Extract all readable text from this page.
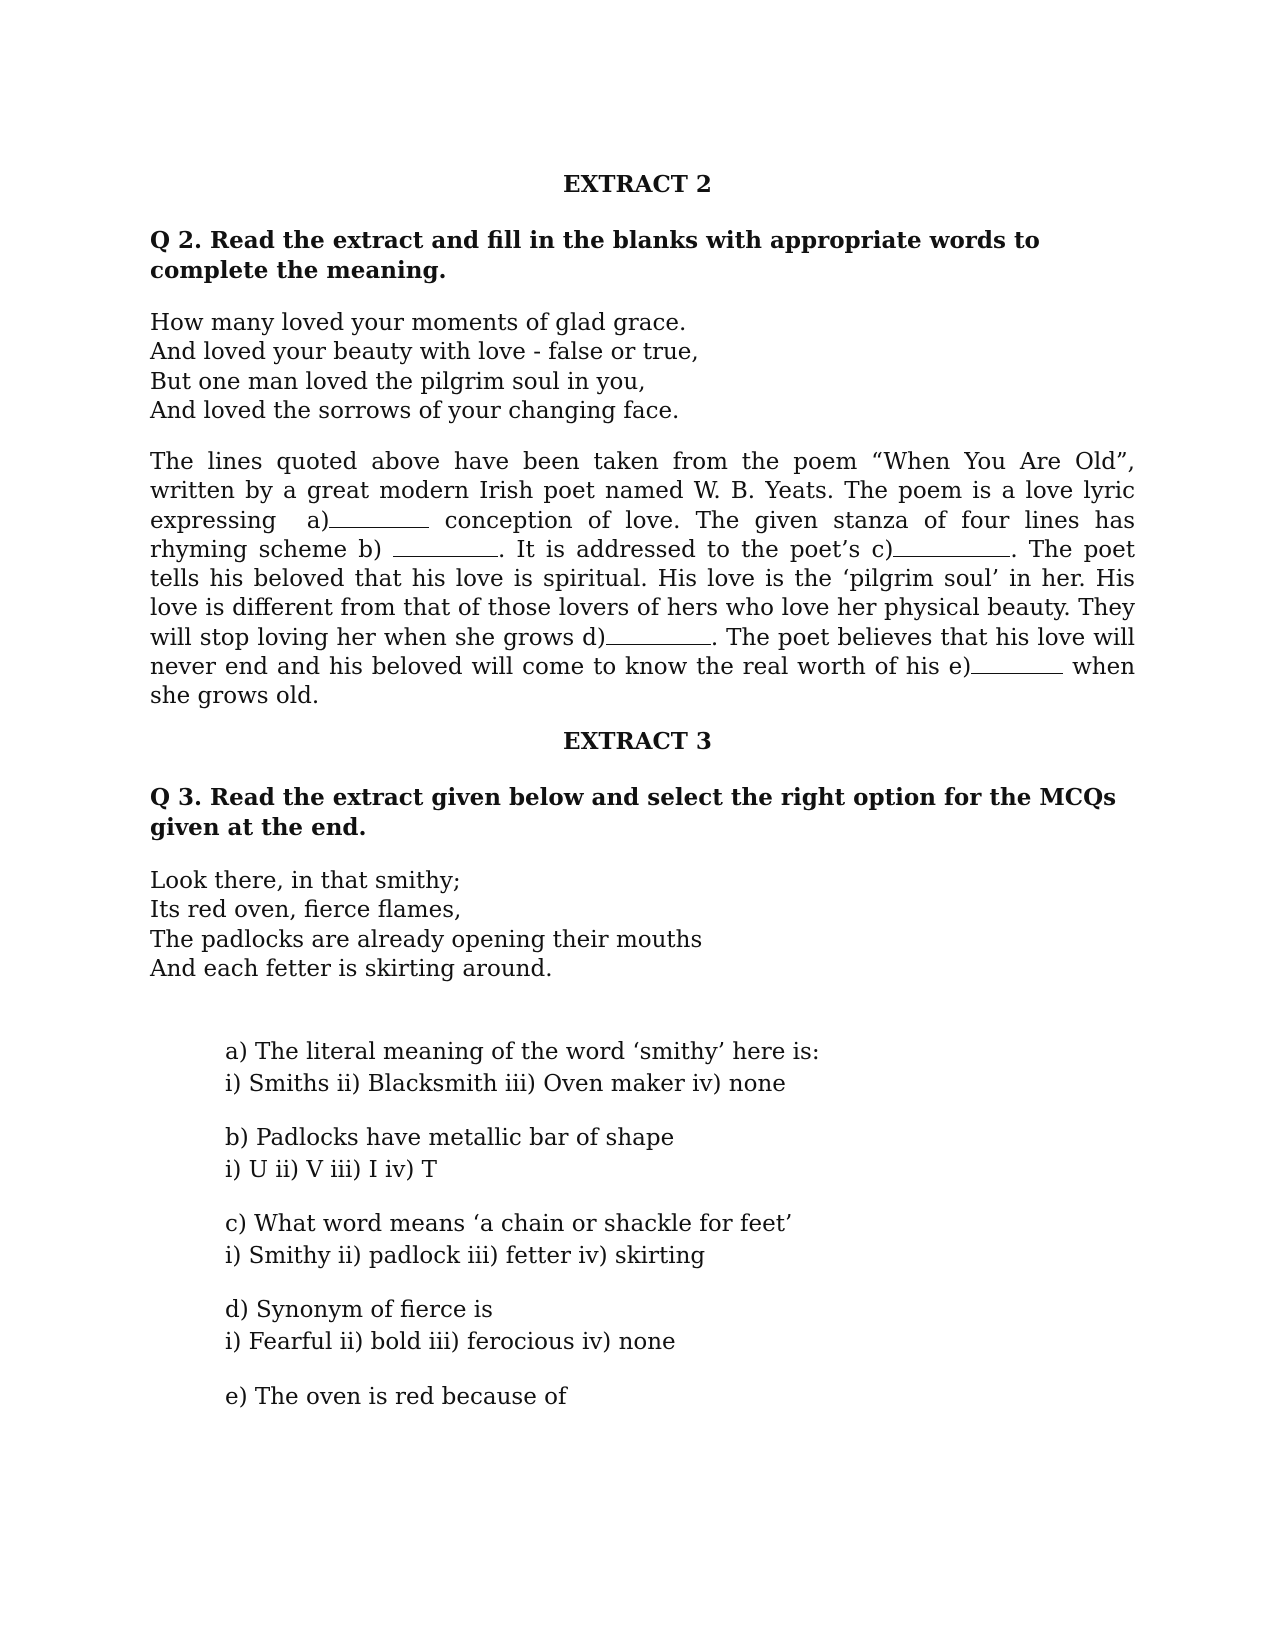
EXTRACT 2

Q 2. Read the extract and fill in the blanks with appropriate words to complete the meaning.

How many loved your moments of glad grace.
And loved your beauty with love - false or true,
But one man loved the pilgrim soul in you,
And loved the sorrows of your changing face.

The lines quoted above have been taken from the poem “When You Are Old”, written by a great modern Irish poet named W. B. Yeats. The poem is a love lyric expressing a)	conception of love. The given stanza of four lines has rhyming scheme b)	. It is addressed to the poet’s c)	. The poet tells his beloved that his love is spiritual. His love is the ‘pilgrim soul’ in her. His love is different from that of those lovers of hers who love her physical beauty. They will stop loving her when she grows d)	. The poet believes that his love will never end and his beloved will come to know the real worth of his e)	when she grows old.

EXTRACT 3

Q 3. Read the extract given below and select the right option for the MCQs given at the end.

Look there, in that smithy;
Its red oven, fierce flames,
The padlocks are already opening their mouths
And each fetter is skirting around.
a) The literal meaning of the word ‘smithy’ here is:
i) Smiths ii) Blacksmith iii) Oven maker iv) none
b) Padlocks have metallic bar of shape
i) U ii) V iii) I iv) T
c) What word means ‘a chain or shackle for feet’
i) Smithy ii) padlock iii) fetter iv) skirting
d) Synonym of fierce is
i) Fearful ii) bold iii) ferocious iv) none
e) The oven is red because of
